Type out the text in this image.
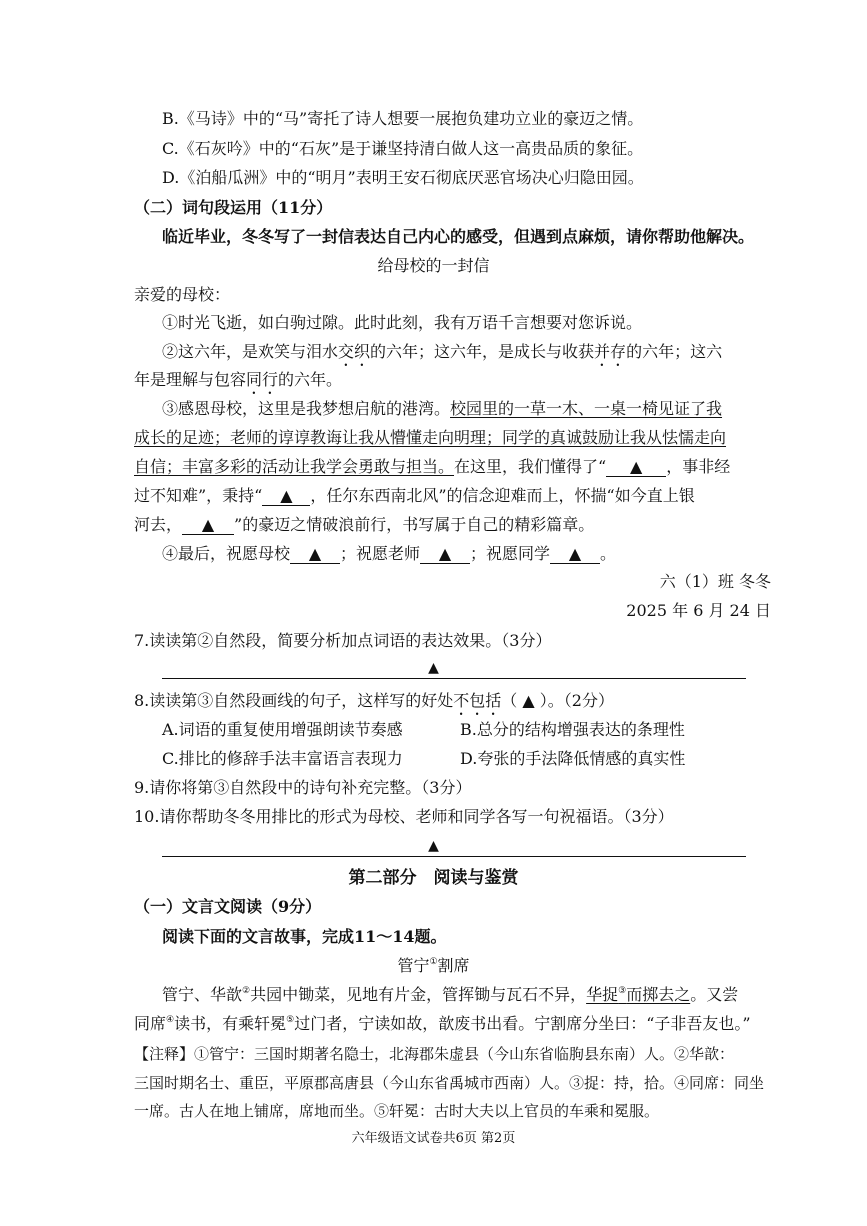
B.《马诗》中的“马”寄托了诗人想要一展抱负建功立业的豪迈之情。
C.《石灰吟》中的“石灰”是于谦坚持清白做人这一高贵品质的象征。
D.《泊船瓜洲》中的“明月”表明王安石彻底厌恶官场决心归隐田园。
（二）词句段运用（11分）
临近毕业，冬冬写了一封信表达自己内心的感受，但遇到点麻烦，请你帮助他解决。
给母校的一封信
亲爱的母校：
①时光飞逝，如白驹过隙。此时此刻，我有万语千言想要对您诉说。
②这六年，是欢笑与泪水交织的六年；这六年，是成长与收获并存的六年；这六
年是理解与包容同行的六年。
③感恩母校，这里是我梦想启航的港湾。校园里的一草一木、一桌一椅见证了我
成长的足迹；老师的谆谆教诲让我从懵懂走向明理；同学的真诚鼓励让我从怯懦走向
自信；丰富多彩的活动让我学会勇敢与担当。在这里，我们懂得了“ ▲ ，事非经
过不知难”，秉持“ ▲ ，任尔东西南北风”的信念迎难而上，怀揣“如今直上银
河去， ▲ ”的豪迈之情破浪前行，书写属于自己的精彩篇章。
④最后，祝愿母校 ▲ ；祝愿老师 ▲ ；祝愿同学 ▲ 。
六（1）班 冬冬
2025 年 6 月 24 日
7.读读第②自然段，简要分析加点词语的表达效果。（3分）
▲
8.读读第③自然段画线的句子，这样写的好处不包括（ ▲ ）。（2分）
A.词语的重复使用增强朗读节奏感	B.总分的结构增强表达的条理性
C.排比的修辞手法丰富语言表现力	D.夸张的手法降低情感的真实性
9.请你将第③自然段中的诗句补充完整。（3分）
10.请你帮助冬冬用排比的形式为母校、老师和同学各写一句祝福语。（3分）
▲
第二部分　阅读与鉴赏
（一）文言文阅读（9分）
阅读下面的文言故事，完成11～14题。
管宁①割席
管宁、华歆②共园中锄菜，见地有片金，管挥锄与瓦石不异，华捉③而掷去之。又尝
同席④读书，有乘轩冕⑤过门者，宁读如故，歆废书出看。宁割席分坐曰：“子非吾友也。”
【注释】①管宁：三国时期著名隐士，北海郡朱虚县（今山东省临朐县东南）人。②华歆：
三国时期名士、重臣，平原郡高唐县（今山东省禹城市西南）人。③捉：持，拾。④同席：同坐
一席。古人在地上铺席，席地而坐。⑤轩冕：古时大夫以上官员的车乘和冕服。
六年级语文试卷共6页 第2页
